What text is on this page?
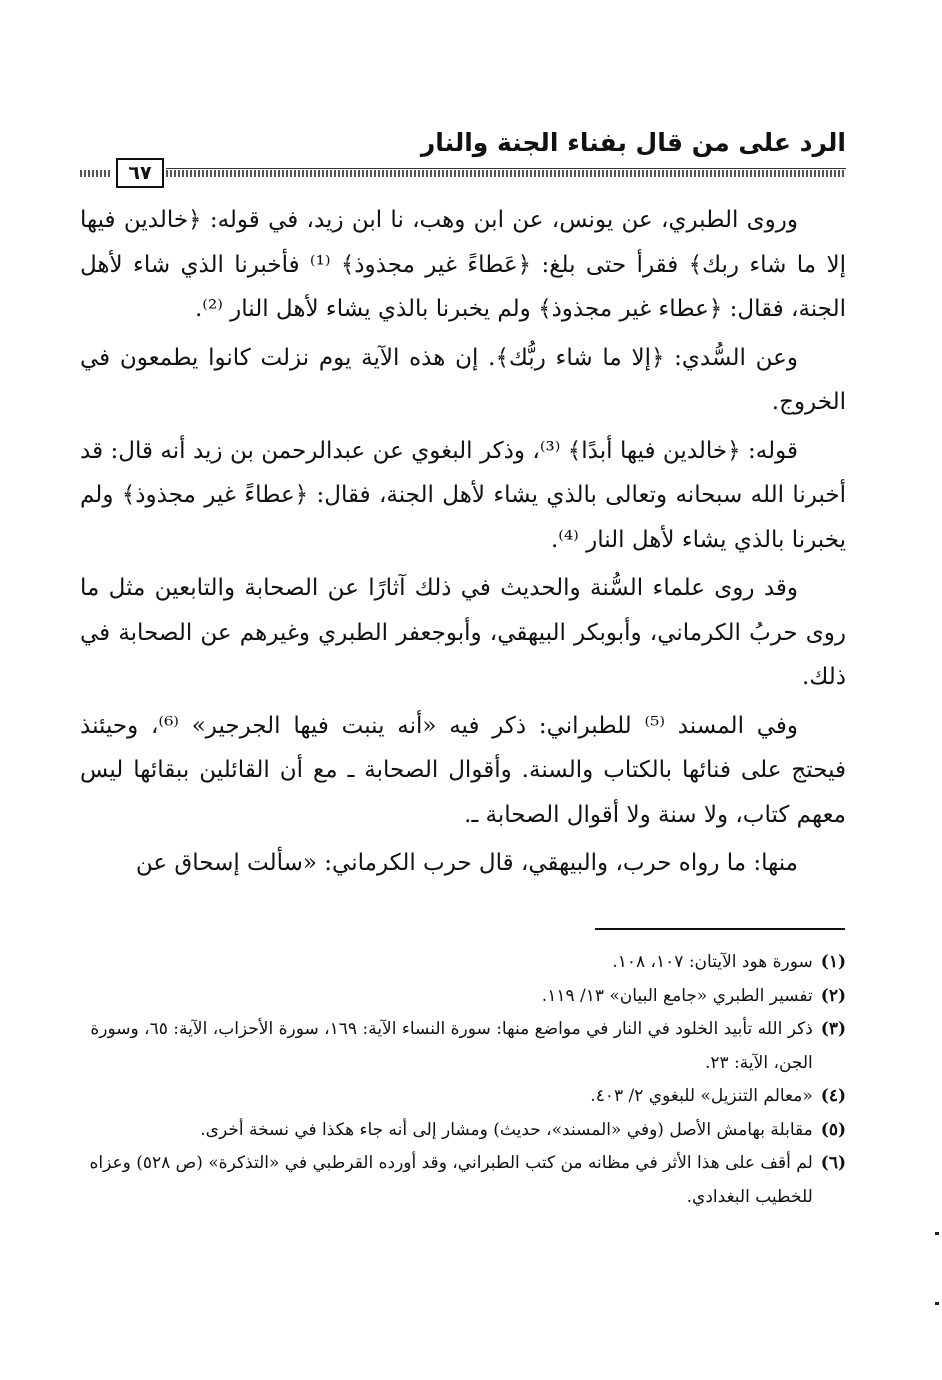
الرد على من قال بفناء الجنة والنار
٦٧

وروى الطبري، عن يونس، عن ابن وهب، نا ابن زيد، في قوله: ﴿خالدين فيها إلا ما شاء ربك﴾ فقرأ حتى بلغ: ﴿عَطاءً غير مجذوذ﴾ ⁽¹⁾ فأخبرنا الذي شاء لأهل الجنة، فقال: ﴿عطاء غير مجذوذ﴾ ولم يخبرنا بالذي يشاء لأهل النار ⁽²⁾.

وعن السُّدي: ﴿إلا ما شاء ربُّك﴾. إن هذه الآية يوم نزلت كانوا يطمعون في الخروج.

قوله: ﴿خالدين فيها أبدًا﴾ ⁽³⁾، وذكر البغوي عن عبدالرحمن بن زيد أنه قال: قد أخبرنا الله سبحانه وتعالى بالذي يشاء لأهل الجنة، فقال: ﴿عطاءً غير مجذوذ﴾ ولم يخبرنا بالذي يشاء لأهل النار ⁽⁴⁾.

وقد روى علماء السُّنة والحديث في ذلك آثارًا عن الصحابة والتابعين مثل ما روى حربُ الكرماني، وأبوبكر البيهقي، وأبوجعفر الطبري وغيرهم عن الصحابة في ذلك.

وفي المسند ⁽⁵⁾ للطبراني: ذكر فيه «أنه ينبت فيها الجرجير» ⁽⁶⁾، وحيئنذ فيحتج على فنائها بالكتاب والسنة. وأقوال الصحابة ـ مع أن القائلين ببقائها ليس معهم كتاب، ولا سنة ولا أقوال الصحابة ـ.

منها: ما رواه حرب، والبيهقي، قال حرب الكرماني: «سألت إسحاق عن

(١)
سورة هود الآيتان: ١٠٧، ١٠٨.
(٢)
تفسير الطبري «جامع البيان» ١٣/ ١١٩.
(٣)
ذكر الله تأبيد الخلود في النار في مواضع منها: سورة النساء الآية: ١٦٩، سورة الأحزاب، الآية: ٦٥، وسورة الجن، الآية: ٢٣.
(٤)
«معالم التنزيل» للبغوي ٢/ ٤٠٣.
(٥)
مقابلة بهامش الأصل (وفي «المسند»، حديث) ومشار إلى أنه جاء هكذا في نسخة أخرى.
(٦)
لم أقف على هذا الأثر في مظانه من كتب الطبراني، وقد أورده القرطبي في «التذكرة» (ص ٥٢٨) وعزاه للخطيب البغدادي.
